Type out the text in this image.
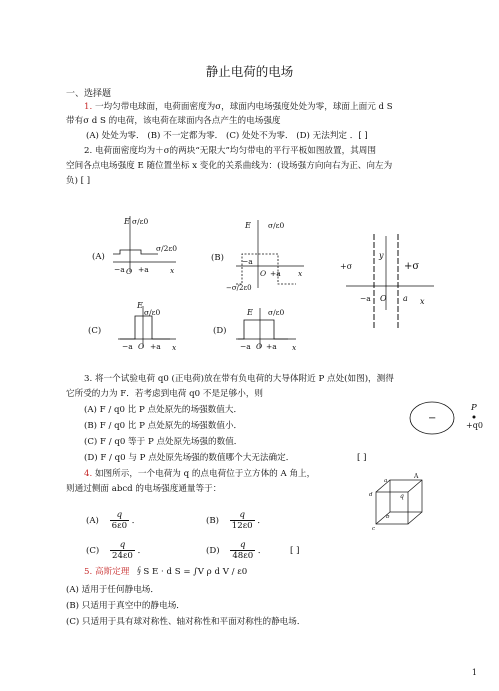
静止电荷的电场
一、选择题
1. 一均匀带电球面，电荷面密度为σ，球面内电场强度处处为零，球面上面元 d S
带有σ d S 的电荷，该电荷在球面内各点产生的电场强度
(A) 处处为零． (B) 不一定都为零． (C) 处处不为零． (D) 无法判定 ．[ ]
2. 电荷面密度均为＋σ的两块“无限大”均匀带电的平行平板如图放置，其周围
空间各点电场强度 E 随位置坐标 x 变化的关系曲线为：(设场强方向向右为正、向左为
负) [ ]
(A)
E σ/ε0
σ/2ε0
−a O +a	x
(B)
E σ/ε0
−σ/2ε0
−a
O +a x
+σ	+σ
y
−a O a x
(C)
E
σ/ε0
−a O +a x
(D)
E σ/ε0
−a O +a x
3. 将一个试验电荷 q0 (正电荷)放在带有负电荷的大导体附近 P 点处(如图)，测得
它所受的力为 F．若考虑到电荷 q0 不是足够小，则
(A) F / q0 比 P 点处原先的场强数值大．
(B) F / q0 比 P 点处原先的场强数值小．
(C) F / q0 等于 P 点处原先场强的数值．
(D) F / q0 与 P 点处原先场强的数值哪个大无法确定．	[ ]
−
P
+q0
4. 如图所示，一个电荷为 q 的点电荷位于立方体的 A 角上，
则通过侧面 abcd 的电场强度通量等于：
$(A) \frac{q}{6\varepsilon 0}$ ．	$(B) \frac{q}{12\varepsilon 0}$ ．
$(C) \frac{q}{24\varepsilon 0}$ ．	$(D) \frac{q}{48\varepsilon 0}$ ．	[ ]
A
q
a
b
c
d
5. 高斯定理 ∮S E · d S = ∫V ρ d V / ε0
(A) 适用于任何静电场．
(B) 只适用于真空中的静电场．
(C) 只适用于具有球对称性、轴对称性和平面对称性的静电场．
1
